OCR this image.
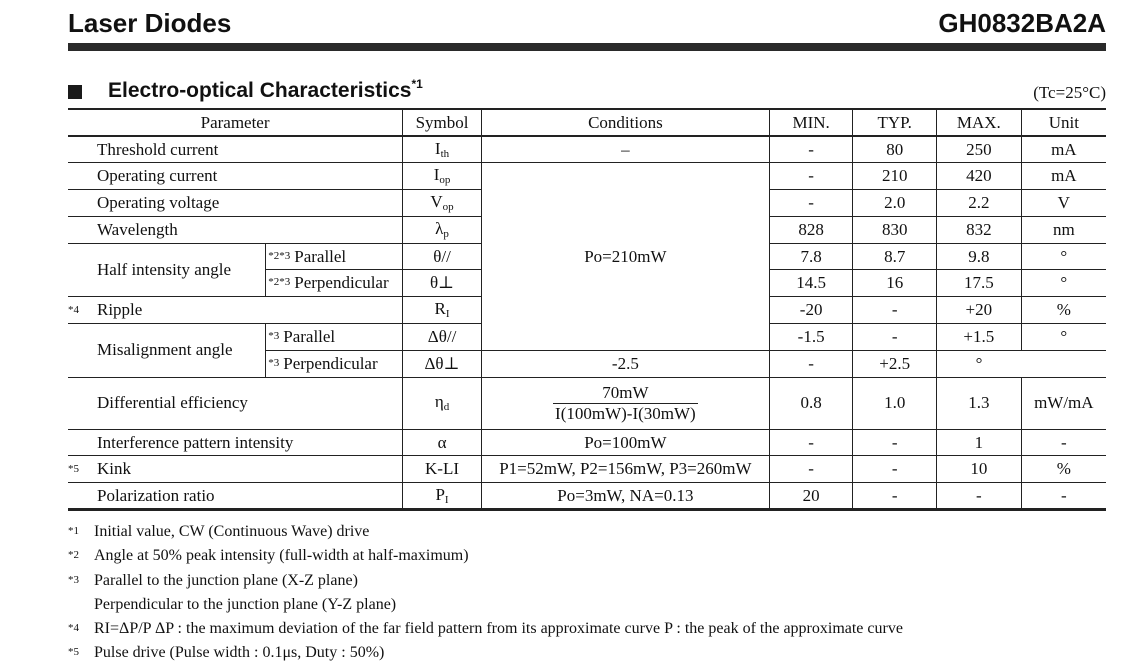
Laser Diodes	GH0832BA2A
Electro-optical Characteristics$^{*1}$	(Tc=25°C)
Parameter		Symbol	Conditions	MIN.	TYP.	MAX.	Unit
Threshold current		$I_{th}$	–	-	80	250	mA
Operating current		$I_{op}$	Po=210mW	-	210	420	mA
Operating voltage		$V_{op}$		-	2.0	2.2	V
Wavelength		$\lambda_p$		828	830	832	nm
Half intensity angle	$^{*2*3}$ Parallel	θ//		7.8	8.7	9.8	°
	$^{*2*3}$ Perpendicular	θ⊥		14.5	16	17.5	°

*4 Ripple		$R_I$		-20	-	+20	%
Misalignment angle	$^{*3}$ Parallel	Δθ//		-1.5	-	+1.5	°
	$^{*3}$ Perpendicular	Δθ⊥	-2.5	-	+2.5	°	
Differential efficiency		$\eta_d$	$\frac{70mW}{I(100mW)-I(30mW)}$	0.8	1.0	1.3	mW/mA
Interference pattern intensity		α	Po=100mW	-	-	1	-

*5 Kink		K-LI	P1=52mW, P2=156mW, P3=260mW	-	-	10	%
Polarization ratio		$P_I$	Po=3mW, NA=0.13	20	-	-	-
*1 Initial value, CW (Continuous Wave) drive
*2 Angle at 50% peak intensity (full-width at half-maximum)
*3 Parallel to the junction plane (X-Z plane)
Perpendicular to the junction plane (Y-Z plane)
*4 RI=ΔP/P ΔP : the maximum deviation of the far field pattern from its approximate curve P : the peak of the approximate curve
*5 Pulse drive (Pulse width : 0.1μs, Duty : 50%)
